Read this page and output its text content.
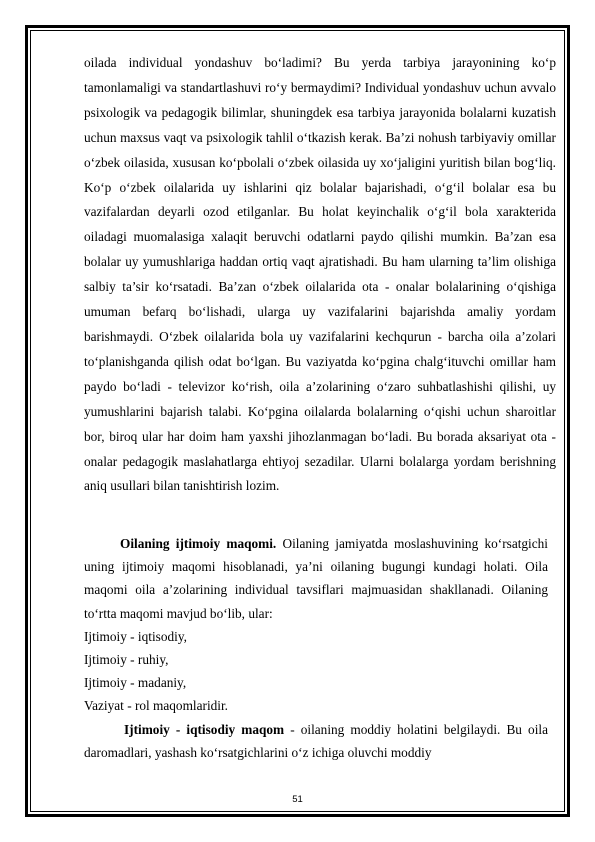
oilada individual yondashuv bo‘ladimi? Bu yerda tarbiya jarayonining ko‘p tamonlamaligi va standartlashuvi ro‘y bermaydimi? Individual yondashuv uchun avvalo psixologik va pedagogik bilimlar, shuningdek esa tarbiya jarayonida bolalarni kuzatish uchun maxsus vaqt va psixologik tahlil o‘tkazish kerak. Ba’zi nohush tarbiyaviy omillar o‘zbek oilasida, xususan ko‘pbolali o‘zbek oilasida uy xo‘jaligini yuritish bilan bog‘liq. Ko‘p o‘zbek oilalarida uy ishlarini qiz bolalar bajarishadi, o‘g‘il bolalar esa bu vazifalardan deyarli ozod etilganlar. Bu holat keyinchalik o‘g‘il bola xarakterida oiladagi muomalasiga xalaqit beruvchi odatlarni paydo qilishi mumkin. Ba’zan esa bolalar uy yumushlariga haddan ortiq vaqt ajratishadi. Bu ham ularning ta’lim olishiga salbiy ta’sir ko‘rsatadi. Ba’zan o‘zbek oilalarida ota - onalar bolalarining o‘qishiga umuman befarq bo‘lishadi, ularga uy vazifalarini bajarishda amaliy yordam barishmaydi. O‘zbek oilalarida bola uy vazifalarini kechqurun - barcha oila a’zolari to‘planishganda qilish odat bo‘lgan. Bu vaziyatda ko‘pgina chalg‘ituvchi omillar ham paydo bo‘ladi - televizor ko‘rish, oila a’zolarining o‘zaro suhbatlashishi qilishi, uy yumushlarini bajarish talabi. Ko‘pgina oilalarda bolalarning o‘qishi uchun sharoitlar bor, biroq ular har doim ham yaxshi jihozlanmagan bo‘ladi. Bu borada aksariyat ota - onalar pedagogik maslahatlarga ehtiyoj sezadilar. Ularni bolalarga yordam berishning aniq usullari bilan tanishtirish lozim.

Oilaning ijtimoiy maqomi. Oilaning jamiyatda moslashuvining ko‘rsatgichi uning ijtimoiy maqomi hisoblanadi, ya’ni oilaning bugungi kundagi holati. Oila maqomi oila a’zolarining individual tavsiflari majmuasidan shakllanadi. Oilaning to‘rtta maqomi mavjud bo‘lib, ular:

Ijtimoiy - iqtisodiy,

Ijtimoiy - ruhiy,

Ijtimoiy - madaniy,

Vaziyat - rol maqomlaridir.

Ijtimoiy - iqtisodiy maqom - oilaning moddiy holatini belgilaydi. Bu oila daromadlari, yashash ko‘rsatgichlarini o‘z ichiga oluvchi moddiy

51
